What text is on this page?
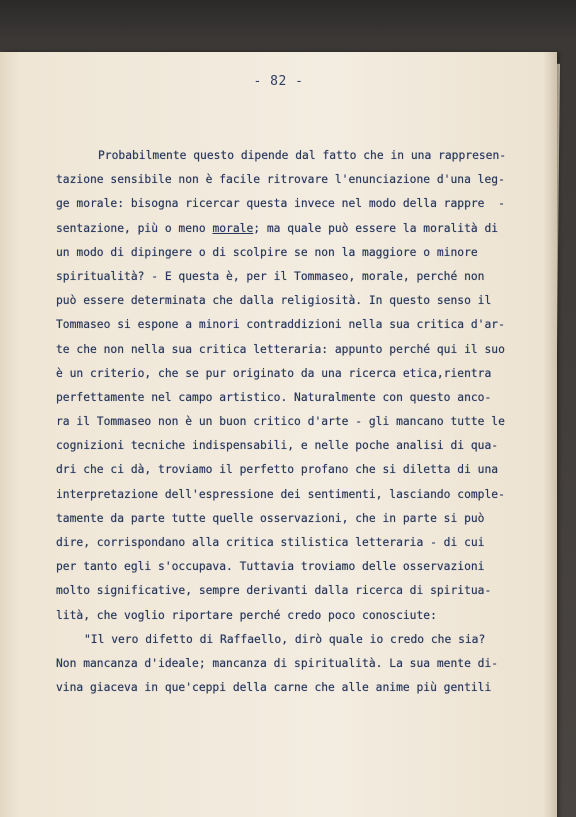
- 82 -
Probabilmente questo dipende dal fatto che in una rappresen-
tazione sensibile non è facile ritrovare l'enunciazione d'una leg-
ge morale: bisogna ricercar questa invece nel modo della rappre  -
sentazione, più o meno morale; ma quale può essere la moralità di
un modo di dipingere o di scolpire se non la maggiore o minore
spiritualità? - E questa è, per il Tommaseo, morale, perché non
può essere determinata che dalla religiosità. In questo senso il
Tommaseo si espone a minori contraddizioni nella sua critica d'ar-
te che non nella sua critica letteraria: appunto perché qui il suo
è un criterio, che se pur originato da una ricerca etica,rientra
perfettamente nel campo artistico. Naturalmente con questo anco-
ra il Tommaseo non è un buon critico d'arte - gli mancano tutte le
cognizioni tecniche indispensabili, e nelle poche analisi di qua-
dri che ci dà, troviamo il perfetto profano che si diletta di una
interpretazione dell'espressione dei sentimenti, lasciando comple-
tamente da parte tutte quelle osservazioni, che in parte si può
dire, corrispondano alla critica stilistica letteraria - di cui
per tanto egli s'occupava. Tuttavia troviamo delle osservazioni
molto significative, sempre derivanti dalla ricerca di spiritua-
lità, che voglio riportare perché credo poco conosciute:
"Il vero difetto di Raffaello, dirò quale io credo che sia?
Non mancanza d'ideale; mancanza di spiritualità. La sua mente di-
vina giaceva in que'ceppi della carne che alle anime più gentili
